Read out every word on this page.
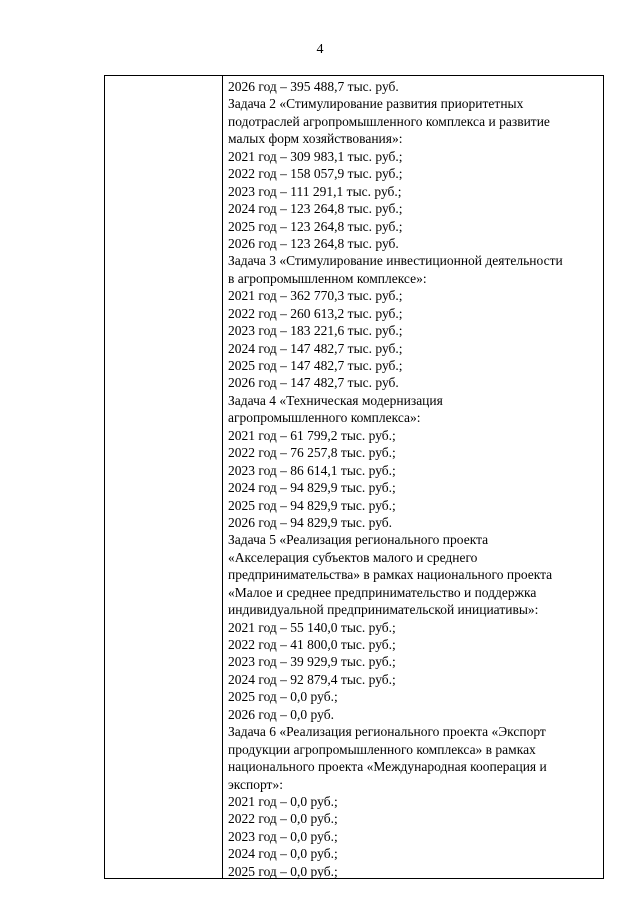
4
2026 год – 395 488,7 тыс. руб.
Задача 2 «Стимулирование развития приоритетных
подотраслей агропромышленного комплекса и развитие
малых форм хозяйствования»:
2021 год – 309 983,1 тыс. руб.;
2022 год – 158 057,9 тыс. руб.;
2023 год – 111 291,1 тыс. руб.;
2024 год – 123 264,8 тыс. руб.;
2025 год – 123 264,8 тыс. руб.;
2026 год – 123 264,8 тыс. руб.
Задача 3 «Стимулирование инвестиционной деятельности
в агропромышленном комплексе»:
2021 год – 362 770,3 тыс. руб.;
2022 год – 260 613,2 тыс. руб.;
2023 год – 183 221,6 тыс. руб.;
2024 год – 147 482,7 тыс. руб.;
2025 год – 147 482,7 тыс. руб.;
2026 год – 147 482,7 тыс. руб.
Задача 4 «Техническая модернизация
агропромышленного комплекса»:
2021 год – 61 799,2 тыс. руб.;
2022 год – 76 257,8 тыс. руб.;
2023 год – 86 614,1 тыс. руб.;
2024 год – 94 829,9 тыс. руб.;
2025 год – 94 829,9 тыс. руб.;
2026 год – 94 829,9 тыс. руб.
Задача 5 «Реализация регионального проекта
«Акселерация субъектов малого и среднего
предпринимательства» в рамках национального проекта
«Малое и среднее предпринимательство и поддержка
индивидуальной предпринимательской инициативы»:
2021 год – 55 140,0 тыс. руб.;
2022 год – 41 800,0 тыс. руб.;
2023 год – 39 929,9 тыс. руб.;
2024 год – 92 879,4 тыс. руб.;
2025 год – 0,0 руб.;
2026 год – 0,0 руб.
Задача 6 «Реализация регионального проекта «Экспорт
продукции агропромышленного комплекса» в рамках
национального проекта «Международная кооперация и
экспорт»:
2021 год – 0,0 руб.;
2022 год – 0,0 руб.;
2023 год – 0,0 руб.;
2024 год – 0,0 руб.;
2025 год – 0,0 руб.;
